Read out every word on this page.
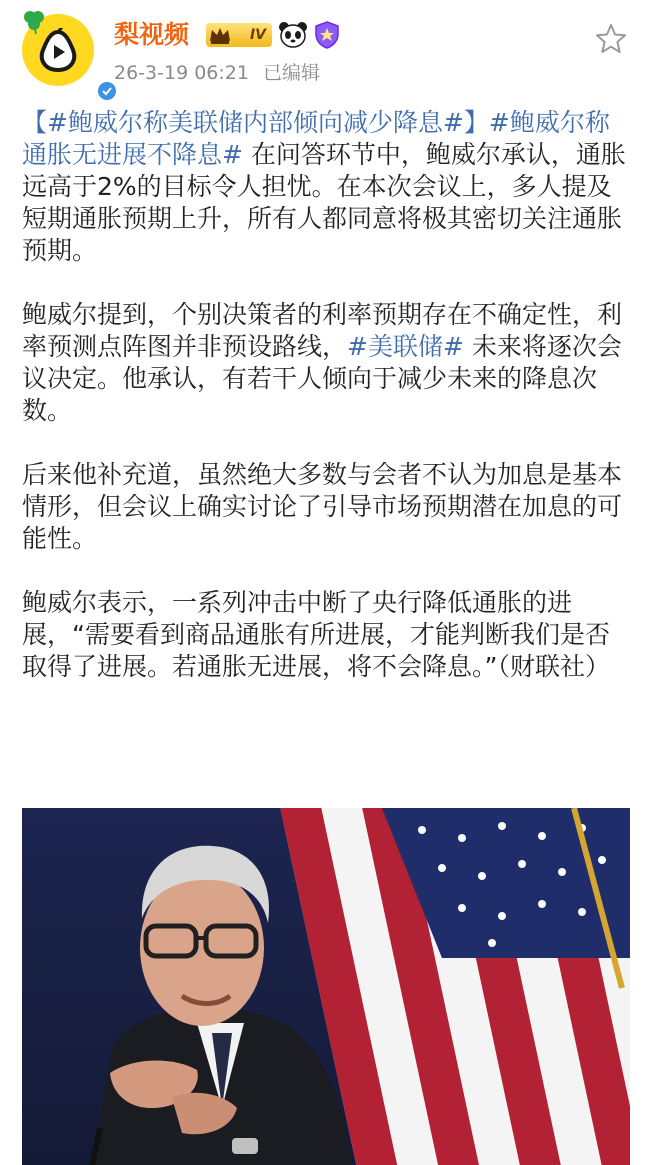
梨视频	IV
26-3-19 06:21 已编辑

【#鲍威尔称美联储内部倾向减少降息#】#鲍威尔称通胀无进展不降息# 在问答环节中，鲍威尔承认，通胀远高于2%的目标令人担忧。在本次会议上，多人提及短期通胀预期上升，所有人都同意将极其密切关注通胀预期。

鲍威尔提到，个别决策者的利率预期存在不确定性，利率预测点阵图并非预设路线，#美联储# 未来将逐次会议决定。他承认，有若干人倾向于减少未来的降息次数。

后来他补充道，虽然绝大多数与会者不认为加息是基本情形，但会议上确实讨论了引导市场预期潜在加息的可能性。

鲍威尔表示，一系列冲击中断了央行降低通胀的进展，“需要看到商品通胀有所进展，才能判断我们是否取得了进展。若通胀无进展，将不会降息。”（财联社）
